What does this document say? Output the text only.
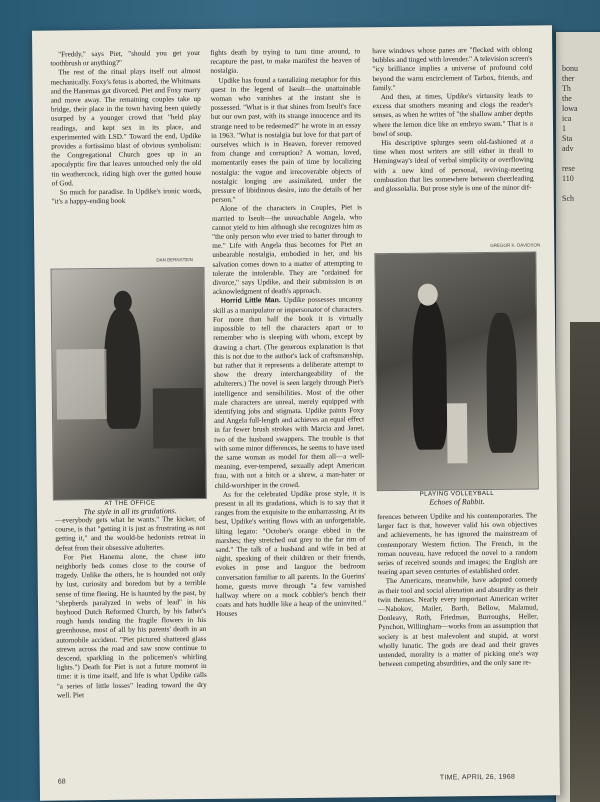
bonu
ther
Th
the
lowa
ica
1
Sta
adv

rese
110

Sch

"Freddy," says Piet, "should you get your toothbrush or anything?"

The rest of the ritual plays itself out almost mechanically. Foxy's fetus is aborted, the Whitmans and the Hanemas get divorced. Piet and Foxy marry and move away. The remaining couples take up bridge, their place in the town having been quietly usurped by a younger crowd that "held play readings, and kept sex in its place, and experimented with LSD." Toward the end, Updike provides a fortissimo blast of obvious symbolism: the Congregational Church goes up in an apocalyptic fire that leaves untouched only the old tin weathercock, riding high over the gutted house of God.

So much for paradise. In Updike's ironic words, "it's a happy-ending book

fights death by trying to turn time around, to recapture the past, to make manifest the heaven of nostalgia.

Updike has found a tantalizing metaphor for this quest in the legend of Iseult—the unattainable woman who vanishes at the instant she is possessed. "What is it that shines from Iseult's face but our own past, with its strange innocence and its strange need to be redeemed?" he wrote in an essay in 1963. "What is nostalgia but love for that part of ourselves which is in Heaven, forever removed from change and corruption? A woman, loved, momentarily eases the pain of time by localizing nostalgia: the vague and irrecoverable objects of nostalgic longing are assimilated, under the pressure of libidinous desire, into the details of her person."

Alone of the characters in Couples, Piet is married to Iseult—the unreachable Angela, who cannot yield to him although she recognizes him as "the only person who ever tried to batter through to me." Life with Angela thus becomes for Piet an unbearable nostalgia, embodied in her, and his salvation comes down to a matter of attempting to tolerate the intolerable. They are "ordained for divorce," says Updike, and their submission is an acknowledgment of death's approach.

Horrid Little Man. Updike possesses uncanny skill as a manipulator or impersonator of characters. For more than half the book it is virtually impossible to tell the characters apart or to remember who is sleeping with whom, except by drawing a chart. (The generous explanation is that this is not due to the author's lack of craftsmanship, but rather that it represents a deliberate attempt to show the dreary interchangeability of the adulterers.) The novel is seen largely through Piet's intelligence and sensibilities. Most of the other male characters are unreal, merely equipped with identifying jobs and stigmata. Updike paints Foxy and Angela full-length and achieves an equal effect in far fewer brush strokes with Marcia and Janet, two of the husband swappers. The trouble is that with some minor differences, he seems to have used the same woman as model for them all—a well-meaning, ever-tempered, sexually adept American frau, with not a bitch or a shrew, a man-hater or child-worshiper in the crowd.

As for the celebrated Updike prose style, it is present in all its gradations, which is to say that it ranges from the exquisite to the embarrassing. At its best, Updike's writing flows with an unforgettable, lilting legato: "October's orange ebbed in the marshes; they stretched out grey to the far rim of sand." The talk of a husband and wife in bed at night, speaking of their children or their friends, evokes in pose and languor the bedroom conversation familiar to all parents. In the Guerins' home, guests move through "a few varnished hallway where on a mock cobbler's bench their coats and hats huddle like a heap of the uninvited." Houses

have windows whose panes are "flecked with oblong bubbles and tinged with lavender." A television screen's "icy brilliance implies a universe of profound cold beyond the warm encirclement of Tarbox, friends, and family."

And then, at times, Updike's virtuosity leads to excess that smothers meaning and clogs the reader's senses, as when he writes of "the shallow amber depths where the lemon dice like an embryo swam." That is a bowl of soup.

His descriptive splurges seem old-fashioned at a time when most writers are still either in thrall to Hemingway's ideal of verbal simplicity or overflowing with a new kind of personal, reviving-meeting combustion that lies somewhere between cheerleading and glossolalia. But prose style is one of the minor dif-

DAN BERNSTEIN
AT THE OFFICE
The style in all its gradations.
GREGOR K. DAVIDSON
PLAYING VOLLEYBALL
Echoes of Rabbit.

—everybody gets what he wants." The kicker, of course, is that "getting it is just as frustrating as not getting it," and the would-be hedonists retreat in defeat from their obsessive adulteries.

For Piet Hanema alone, the chase into neighborly beds comes close to the course of tragedy. Unlike the others, he is hounded not only by lust, curiosity and boredom but by a terrible sense of time fleeing. He is haunted by the past, by "shepherds paralyzed in webs of lead" in his boyhood Dutch Reformed Church, by his father's rough hands tending the fragile flowers in his greenhouse, most of all by his parents' death in an automobile accident. "Piet pictured shattered glass strewn across the road and saw snow continue to descend, sparkling in the policemen's whirling lights.") Death for Piet is not a future moment in time: it is time itself, and life is what Updike calls "a series of little losses" leading toward the dry well. Piet

ferences between Updike and his contemporaries. The larger fact is that, however valid his own objectives and achievements, he has ignored the mainstream of contemporary Western fiction. The French, in the roman nouveau, have reduced the novel to a random series of received sounds and images; the English are tearing apart seven centuries of established order.

The Americans, meanwhile, have adopted comedy as their tool and social alienation and absurdity as their twin themes. Nearly every important American writer—Nabokov, Mailer, Barth, Bellow, Malamud, Donleavy, Roth, Friedman, Burroughs, Heller, Pynchon, Willingham—works from an assumption that society is at best malevolent and stupid, at worst wholly lunatic. The gods are dead and their graves untended, morality is a matter of picking one's way between competing absurdities, and the only sane re-

68
TIME, APRIL 26, 1968
